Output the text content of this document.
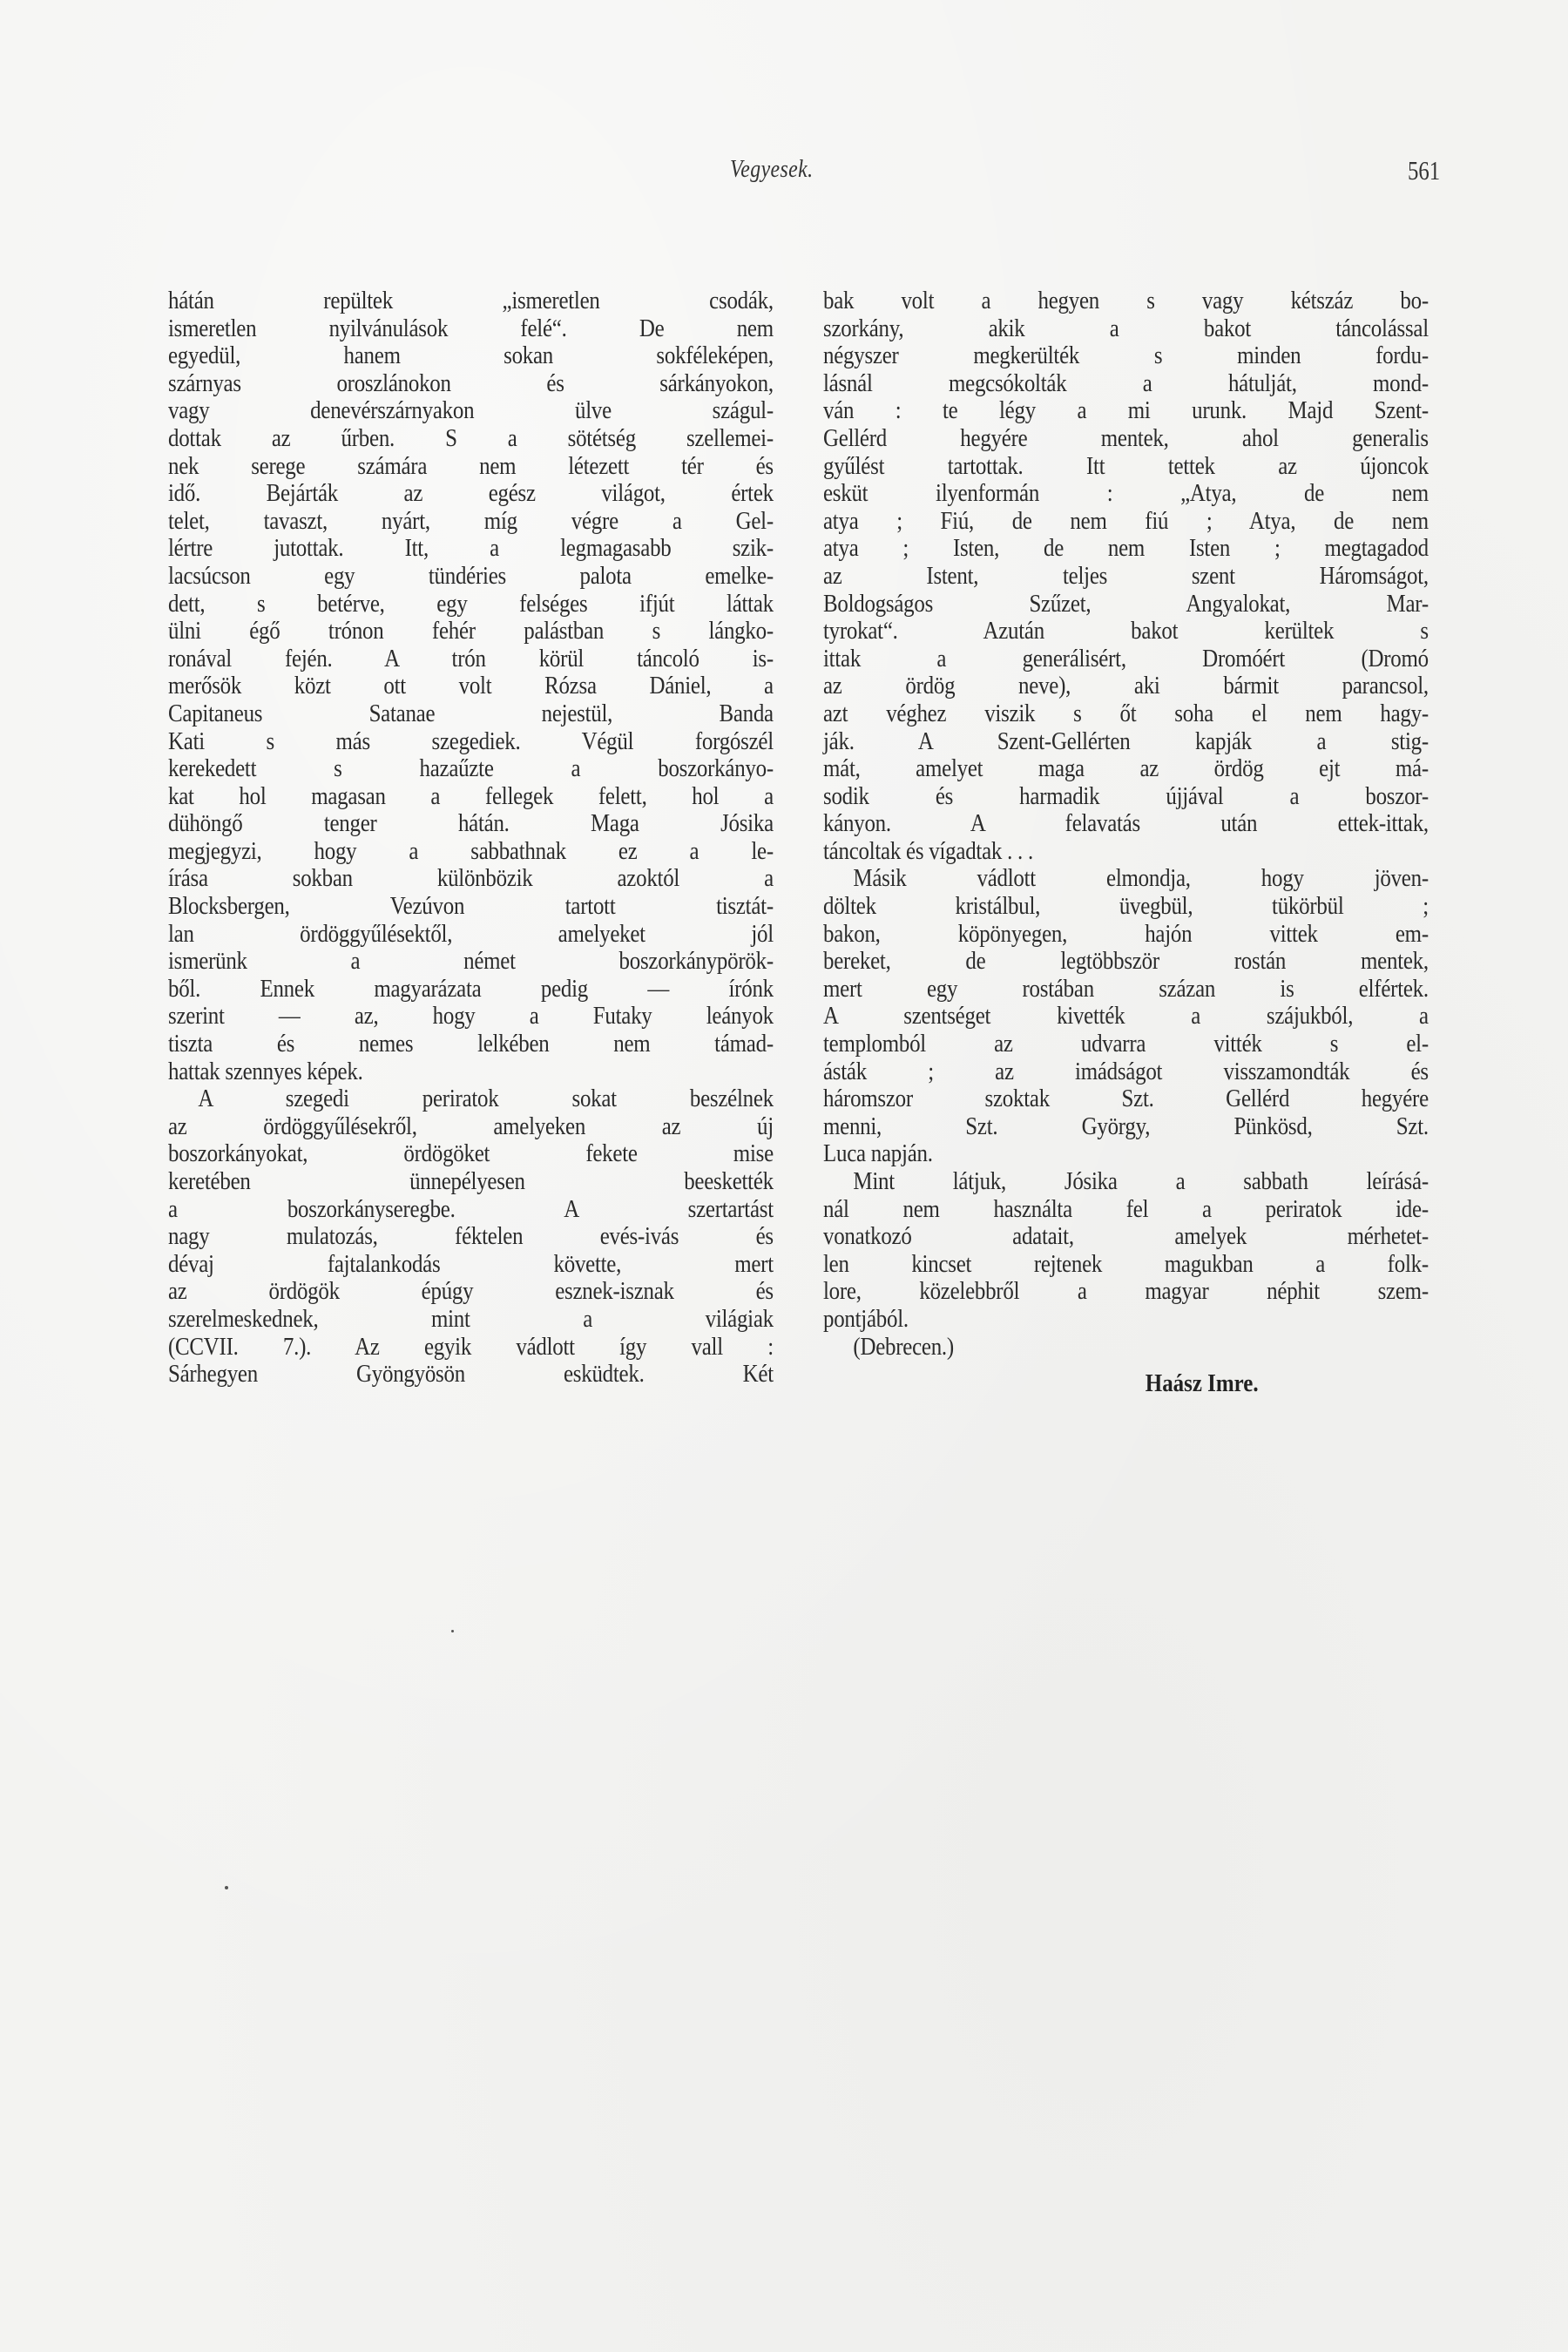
Vegyesek.	561
hátán repültek „ismeretlen csodák,
ismeretlen nyilvánulások felé“. De nem
egyedül, hanem sokan sokféleképen,
szárnyas oroszlánokon és sárkányokon,
vagy denevérszárnyakon ülve szágul-
dottak az űrben. S a sötétség szellemei-
nek serege számára nem létezett tér és
idő. Bejárták az egész világot, értek
telet, tavaszt, nyárt, míg végre a Gel-
lértre jutottak. Itt, a legmagasabb szik-
lacsúcson egy tündéries palota emelke-
dett, s betérve, egy felséges ifjút láttak
ülni égő trónon fehér palástban s lángko-
ronával fején. A trón körül táncoló is-
merősök közt ott volt Rózsa Dániel, a
Capitaneus Satanae nejestül, Banda
Kati s más szegediek. Végül forgószél
kerekedett s hazaűzte a boszorkányo-
kat hol magasan a fellegek felett, hol a
dühöngő tenger hátán. Maga Jósika
megjegyzi, hogy a sabbathnak ez a le-
írása sokban különbözik azoktól a
Blocksbergen, Vezúvon tartott tisztát-
lan ördöggyűlésektől, amelyeket jól
ismerünk a német boszorkánypörök-
ből. Ennek magyarázata pedig — írónk
szerint — az, hogy a Futaky leányok
tiszta és nemes lelkében nem támad-
hattak szennyes képek.
A szegedi periratok sokat beszélnek
az ördöggyűlésekről, amelyeken az új
boszorkányokat, ördögöket fekete mise
keretében ünnepélyesen beeskették
a boszorkányseregbe. A szertartást
nagy mulatozás, féktelen evés-ivás és
dévaj fajtalankodás követte, mert
az ördögök épúgy esznek-isznak és
szerelmeskednek, mint a világiak
(CCVII. 7.). Az egyik vádlott így vall :
Sárhegyen Gyöngyösön esküdtek. Két
bak volt a hegyen s vagy kétszáz bo-
szorkány, akik a bakot táncolással
négyszer megkerülték s minden fordu-
lásnál megcsókolták a hátulját, mond-
ván : te légy a mi urunk. Majd Szent-
Gellérd hegyére mentek, ahol generalis
gyűlést tartottak. Itt tettek az újoncok
esküt ilyenformán : „Atya, de nem
atya ; Fiú, de nem fiú ; Atya, de nem
atya ; Isten, de nem Isten ; megtagadod
az Istent, teljes szent Háromságot,
Boldogságos Szűzet, Angyalokat, Mar-
tyrokat“. Azután bakot kerültek s
ittak a generálisért, Dromóért (Dromó
az ördög neve), aki bármit parancsol,
azt véghez viszik s őt soha el nem hagy-
ják. A Szent-Gellérten kapják a stig-
mát, amelyet maga az ördög ejt má-
sodik és harmadik újjával a boszor-
kányon. A felavatás után ettek-ittak,
táncoltak és vígadtak . . .
Másik vádlott elmondja, hogy jöven-
döltek kristálbul, üvegbül, tükörbül ;
bakon, köpönyegen, hajón vittek em-
bereket, de legtöbbször rostán mentek,
mert egy rostában százan is elfértek.
A szentséget kivették a szájukból, a
templomból az udvarra vitték s el-
ásták ; az imádságot visszamondták és
háromszor szoktak Szt. Gellérd hegyére
menni, Szt. György, Pünkösd, Szt.
Luca napján.
Mint látjuk, Jósika a sabbath leírásá-
nál nem használta fel a periratok ide-
vonatkozó adatait, amelyek mérhetet-
len kincset rejtenek magukban a folk-
lore, közelebbről a magyar néphit szem-
pontjából.
(Debrecen.)
Haász Imre.
